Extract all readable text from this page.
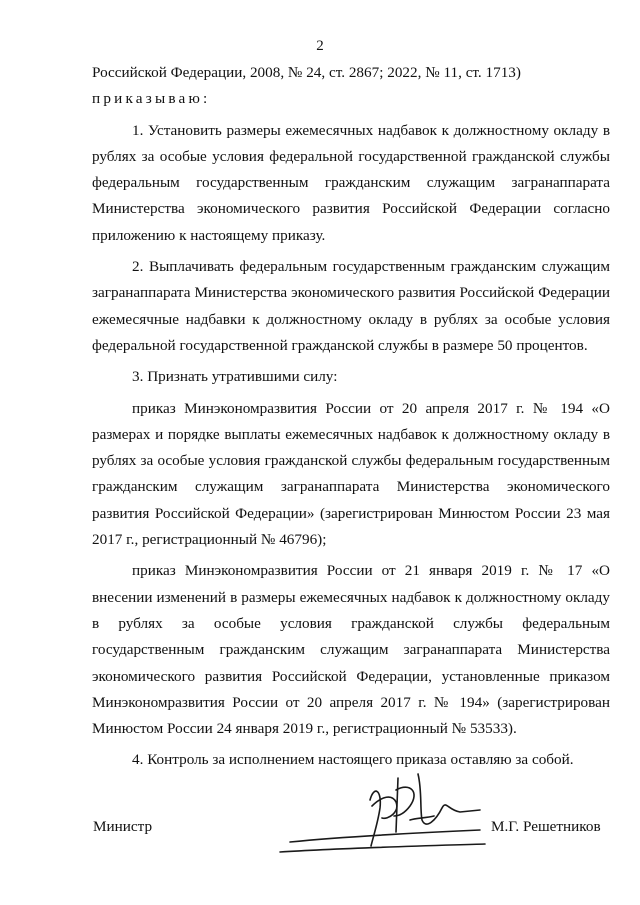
2

Российской Федерации, 2008, № 24, ст. 2867; 2022, № 11, ст. 1713)

приказываю:

1. Установить размеры ежемесячных надбавок к должностному окладу в рублях за особые условия федеральной государственной гражданской службы федеральным государственным гражданским служащим загранаппарата Министерства экономического развития Российской Федерации согласно приложению к настоящему приказу.

2. Выплачивать федеральным государственным гражданским служащим загранаппарата Министерства экономического развития Российской Федерации ежемесячные надбавки к должностному окладу в рублях за особые условия федеральной государственной гражданской службы в размере 50 процентов.

3. Признать утратившими силу:

приказ Минэкономразвития России от 20 апреля 2017 г. № 194 «О размерах и порядке выплаты ежемесячных надбавок к должностному окладу в рублях за особые условия гражданской службы федеральным государственным гражданским служащим загранаппарата Министерства экономического развития Российской Федерации» (зарегистрирован Минюстом России 23 мая 2017 г., регистрационный № 46796);

приказ Минэкономразвития России от 21 января 2019 г. № 17 «О внесении изменений в размеры ежемесячных надбавок к должностному окладу в рублях за особые условия гражданской службы федеральным государственным гражданским служащим загранаппарата Министерства экономического развития Российской Федерации, установленные приказом Минэкономразвития России от 20 апреля 2017 г. № 194» (зарегистрирован Минюстом России 24 января 2019 г., регистрационный № 53533).

4. Контроль за исполнением настоящего приказа оставляю за собой.

Министр	М.Г. Решетников
